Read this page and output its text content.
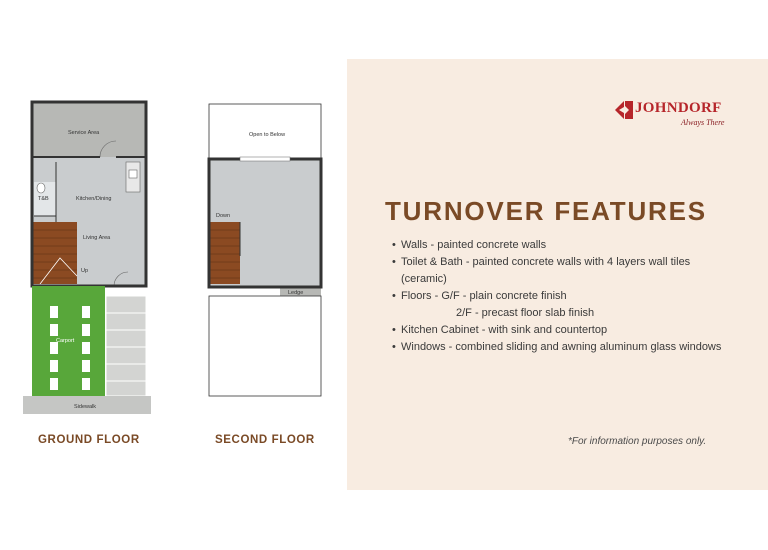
JOHNDORF
Always There
TURNOVER FEATURES
• Walls - painted concrete walls
• Toilet & Bath - painted concrete walls with 4 layers wall tiles
(ceramic)
• Floors - G/F - plain concrete finish
2/F - precast floor slab finish
• Kitchen Cabinet - with sink and countertop
• Windows - combined sliding and awning aluminum glass windows
*For information purposes only.
GROUND FLOOR	SECOND FLOOR
Service Area
Kitchen/Dining
T&B
Living Area
Up
Carport
Sidewalk
Open to Below
Down
Ledge
